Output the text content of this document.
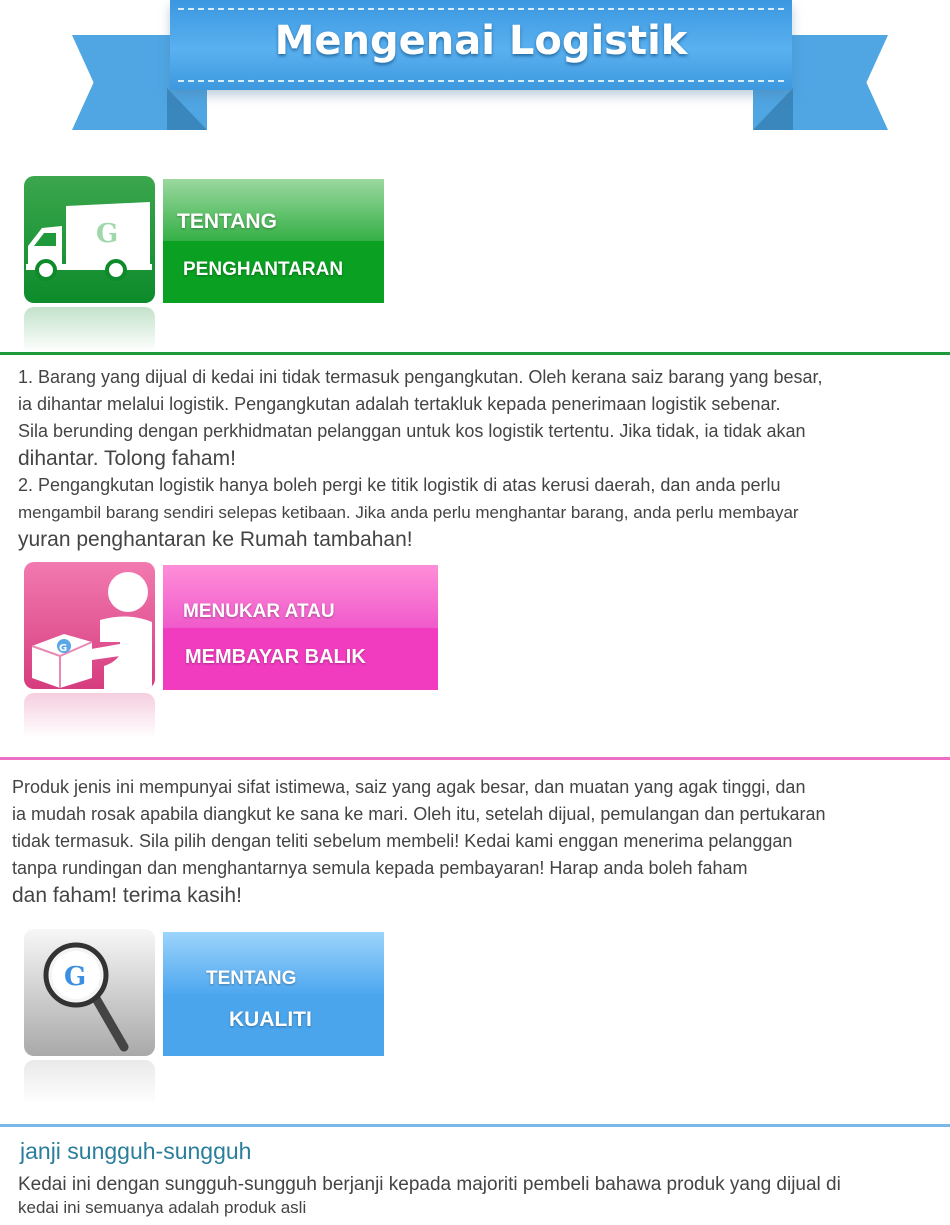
Mengenai Logistik
G	TENTANG
PENGHANTARAN
1. Barang yang dijual di kedai ini tidak termasuk pengangkutan. Oleh kerana saiz barang yang besar,
ia dihantar melalui logistik. Pengangkutan adalah tertakluk kepada penerimaan logistik sebenar.
Sila berunding dengan perkhidmatan pelanggan untuk kos logistik tertentu. Jika tidak, ia tidak akan
dihantar. Tolong faham!
2. Pengangkutan logistik hanya boleh pergi ke titik logistik di atas kerusi daerah, dan anda perlu
mengambil barang sendiri selepas ketibaan. Jika anda perlu menghantar barang, anda perlu membayar
yuran penghantaran ke Rumah tambahan!
G
MENUKAR ATAU
MEMBAYAR BALIK
Produk jenis ini mempunyai sifat istimewa, saiz yang agak besar, dan muatan yang agak tinggi, dan
ia mudah rosak apabila diangkut ke sana ke mari. Oleh itu, setelah dijual, pemulangan dan pertukaran
tidak termasuk. Sila pilih dengan teliti sebelum membeli! Kedai kami enggan menerima pelanggan
tanpa rundingan dan menghantarnya semula kepada pembayaran! Harap anda boleh faham
dan faham! terima kasih!
G	TENTANG
KUALITI
janji sungguh-sungguh
Kedai ini dengan sungguh-sungguh berjanji kepada majoriti pembeli bahawa produk yang dijual di
kedai ini semuanya adalah produk asli
